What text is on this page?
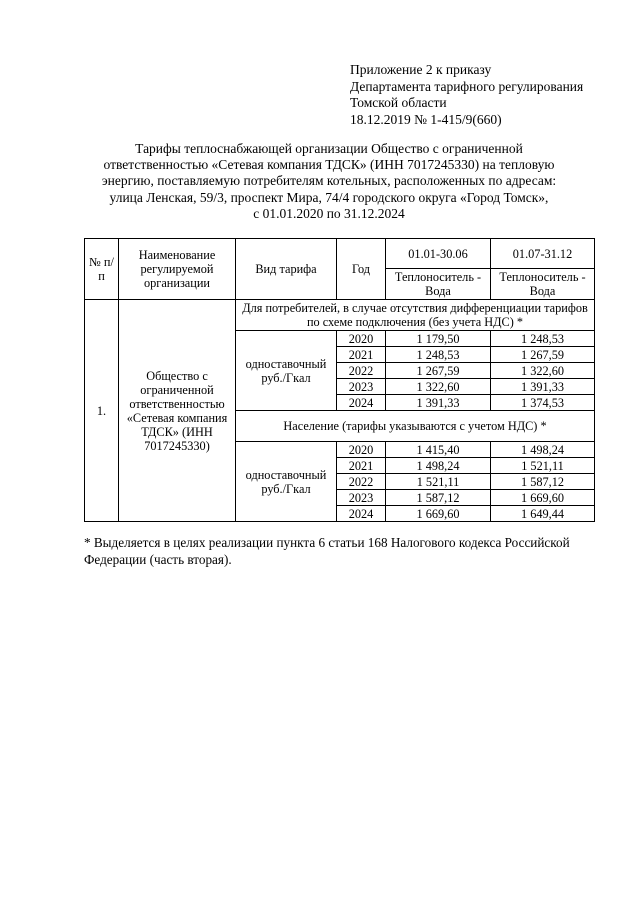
Приложение 2 к приказу
Департамента тарифного регулирования
Томской области
18.12.2019 № 1-415/9(660)
Тарифы теплоснабжающей организации Общество с ограниченной
ответственностью «Сетевая компания ТДСК» (ИНН 7017245330) на тепловую
энергию, поставляемую потребителям котельных, расположенных по адресам:
улица Ленская, 59/3, проспект Мира, 74/4 городского округа «Город Томск»,
с 01.01.2020 по 31.12.2024
№ п/п	Наименование регулируемой организации	Вид тарифа	Год	01.01-30.06	01.07-31.12
				Теплоноситель - Вода	Теплоноситель - Вода
1.	Общество с ограниченной ответственностью «Сетевая компания ТДСК» (ИНН 7017245330)	Для потребителей, в случае отсутствия дифференциации тарифов по схеме подключения (без учета НДС) *			
		одноставочный руб./Гкал	2020	1 179,50	1 248,53
			2021	1 248,53	1 267,59
			2022	1 267,59	1 322,60
			2023	1 322,60	1 391,33
			2024	1 391,33	1 374,53
		Население (тарифы указываются с учетом НДС) *			
		одноставочный руб./Гкал	2020	1 415,40	1 498,24
			2021	1 498,24	1 521,11
			2022	1 521,11	1 587,12
			2023	1 587,12	1 669,60
			2024	1 669,60	1 649,44
* Выделяется в целях реализации пункта 6 статьи 168 Налогового кодекса Российской Федерации (часть вторая).
